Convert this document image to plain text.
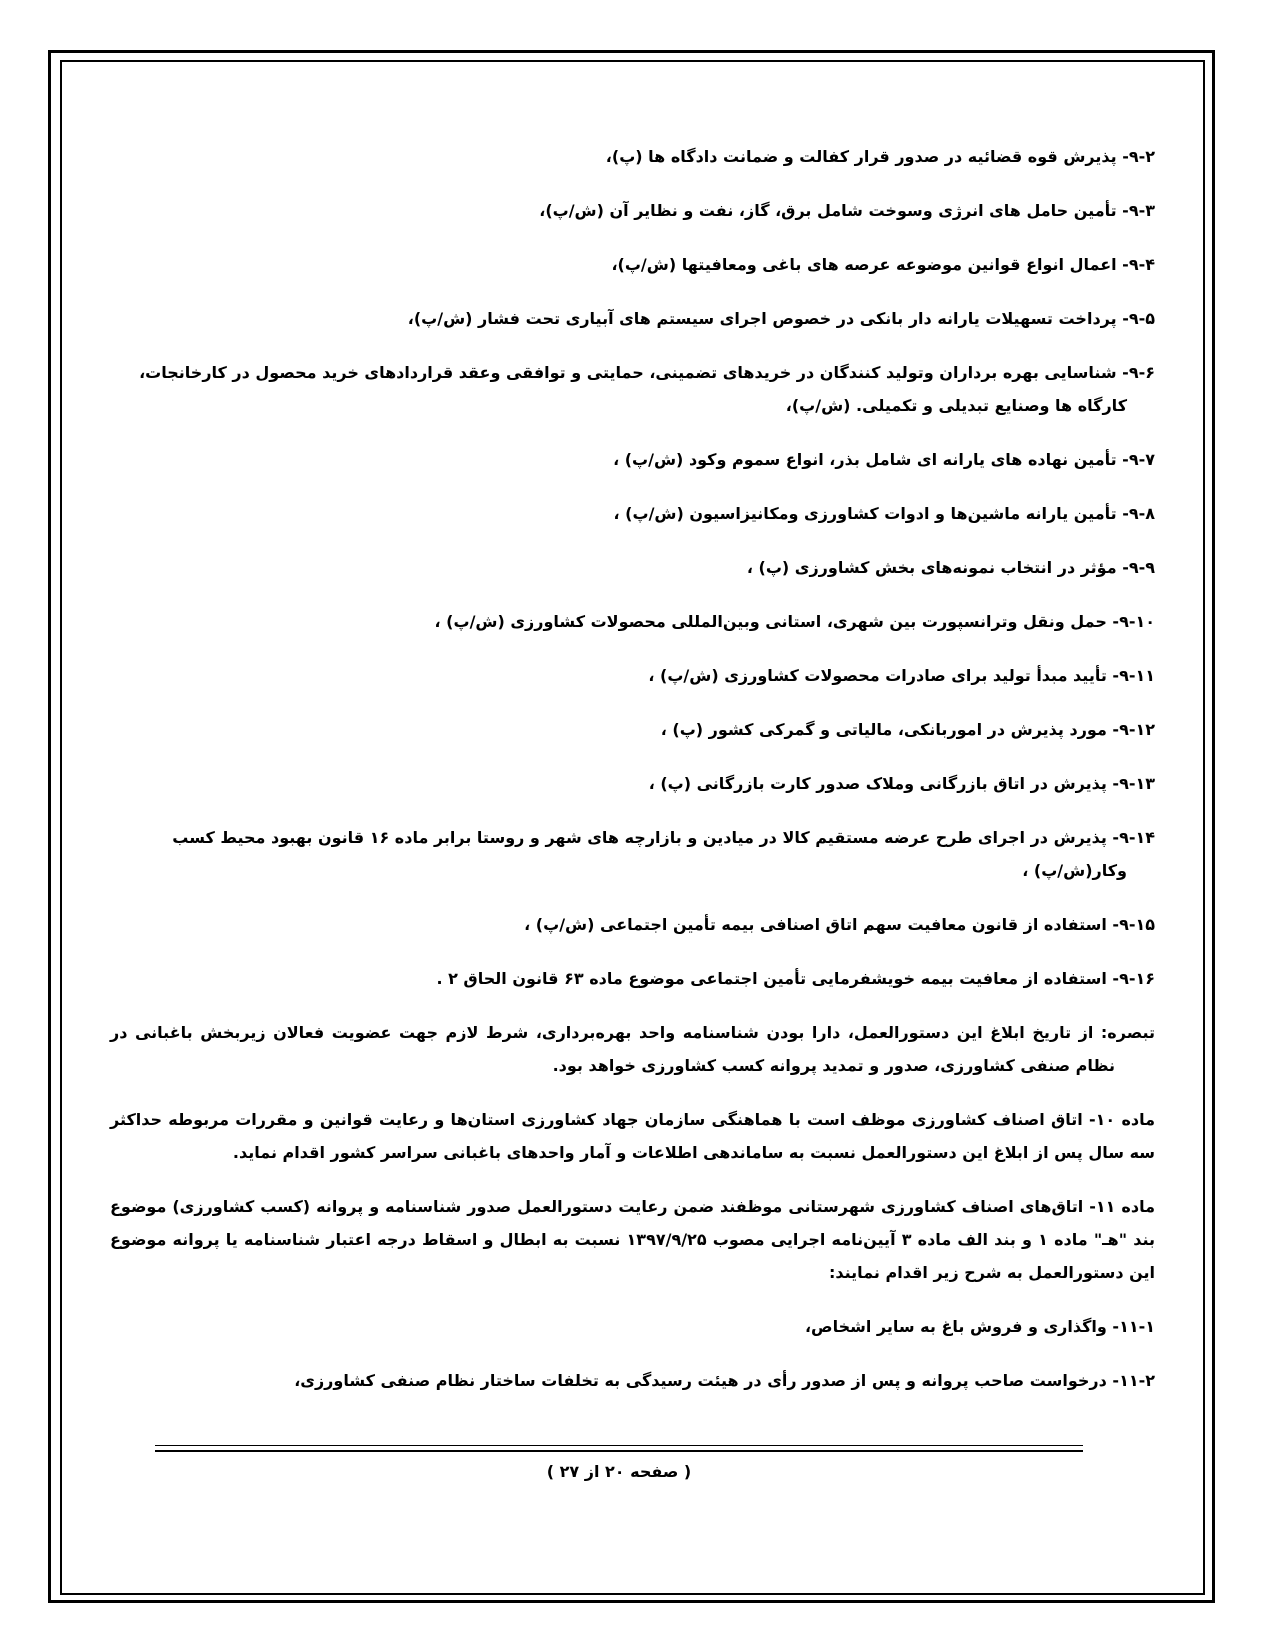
۹-۲- پذیرش قوه قضائیه در صدور قرار کفالت و ضمانت دادگاه ها (پ)،

۹-۳- تأمین حامل های انرژی وسوخت شامل برق، گاز، نفت و نظایر آن (ش/پ)،

۹-۴- اعمال انواع قوانین موضوعه عرصه های باغی ومعافیتها (ش/پ)،

۹-۵- پرداخت تسهیلات یارانه دار بانکی در خصوص اجرای سیستم های آبیاری تحت فشار (ش/پ)،

۹-۶- شناسایی بهره برداران وتولید کنندگان در خریدهای تضمینی، حمایتی و توافقی وعقد قراردادهای خرید محصول در کارخانجات، کارگاه ها وصنایع تبدیلی و تکمیلی. (ش/پ)،

۹-۷- تأمین نهاده های یارانه ای شامل بذر، انواع سموم وکود (ش/پ) ،

۹-۸- تأمین یارانه ماشین‌ها و ادوات کشاورزی ومکانیزاسیون (ش/پ) ،

۹-۹- مؤثر در انتخاب نمونه‌های بخش کشاورزی (پ) ،

۹-۱۰- حمل ونقل وترانسپورت بین شهری، استانی وبین‌المللی محصولات کشاورزی (ش/پ) ،

۹-۱۱- تأیید مبدأ تولید برای صادرات محصولات کشاورزی (ش/پ) ،

۹-۱۲- مورد پذیرش در اموربانکی، مالیاتی و گمرکی کشور (پ) ،

۹-۱۳- پذیرش در اتاق بازرگانی وملاک صدور کارت بازرگانی (پ) ،

۹-۱۴- پذیرش در اجرای طرح عرضه مستقیم کالا در میادین و بازارچه های شهر و روستا برابر ماده ۱۶ قانون بهبود محیط کسب وکار(ش/پ) ،

۹-۱۵- استفاده از قانون معافیت سهم اتاق اصنافی بیمه تأمین اجتماعی (ش/پ) ،

۹-۱۶- استفاده از معافیت بیمه خویشفرمایی تأمین اجتماعی موضوع ماده ۶۳ قانون الحاق ۲ .

تبصره: از تاریخ ابلاغ این دستورالعمل، دارا بودن شناسنامه واحد بهره‌برداری، شرط لازم جهت عضویت فعالان زیربخش باغبانی در نظام صنفی کشاورزی، صدور و تمدید پروانه کسب کشاورزی خواهد بود.

ماده ۱۰- اتاق اصناف کشاورزی موظف است با هماهنگی سازمان جهاد کشاورزی استان‌ها و رعایت قوانین و مقررات مربوطه حداکثر سه سال پس از ابلاغ این دستورالعمل نسبت به ساماندهی اطلاعات و آمار واحدهای باغبانی سراسر کشور اقدام نماید.

ماده ۱۱- اتاق‌های اصناف کشاورزی شهرستانی موظفند ضمن رعایت دستورالعمل صدور شناسنامه و پروانه (کسب کشاورزی) موضوع بند "هـ" ماده ۱ و بند الف ماده ۳ آیین‌نامه اجرایی مصوب ۱۳۹۷/۹/۲۵ نسبت به ابطال و اسقاط درجه اعتبار شناسنامه یا پروانه موضوع این دستورالعمل به شرح زیر اقدام نمایند:

۱۱-۱- واگذاری و فروش باغ به سایر اشخاص،

۱۱-۲- درخواست صاحب پروانه و پس از صدور رأی در هیئت رسیدگی به تخلفات ساختار نظام صنفی کشاورزی،

( صفحه ۲۰ از ۲۷ )
